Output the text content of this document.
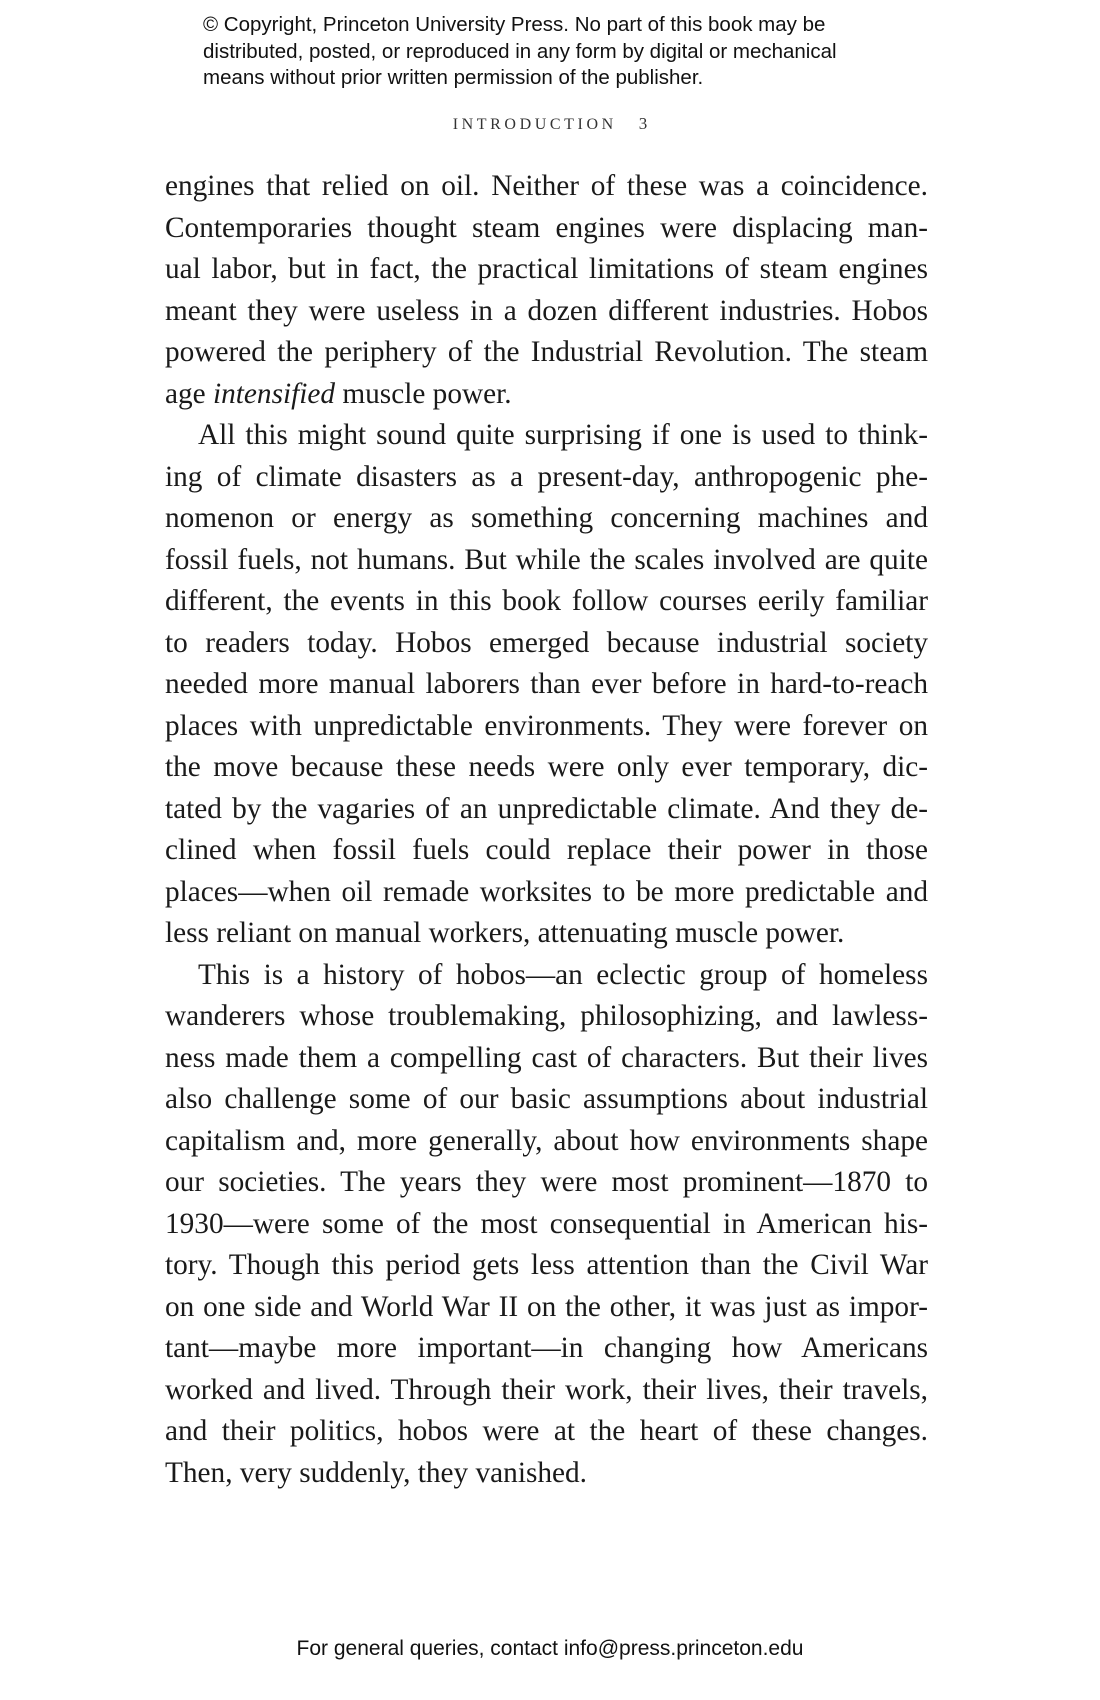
© Copyright, Princeton University Press. No part of this book may be
distributed, posted, or reproduced in any form by digital or mechanical
means without prior written permission of the publisher.
INTRODUCTION 3

engines that relied on oil. Neither of these was a coincidence.
Contemporaries thought steam engines were displacing man-
ual labor, but in fact, the practical limitations of steam engines
meant they were useless in a dozen different industries. Hobos
powered the periphery of the Industrial Revolution. The steam
age intensified muscle power.

All this might sound quite surprising if one is used to think-
ing of climate disasters as a present-day, anthropogenic phe-
nomenon or energy as something concerning machines and
fossil fuels, not humans. But while the scales involved are quite
different, the events in this book follow courses eerily familiar
to readers today. Hobos emerged because industrial society
needed more manual laborers than ever before in hard-to-reach
places with unpredictable environments. They were forever on
the move because these needs were only ever temporary, dic-
tated by the vagaries of an unpredictable climate. And they de-
clined when fossil fuels could replace their power in those
places—when oil remade worksites to be more predictable and
less reliant on manual workers, attenuating muscle power.

This is a history of hobos—an eclectic group of homeless
wanderers whose troublemaking, philosophizing, and lawless-
ness made them a compelling cast of characters. But their lives
also challenge some of our basic assumptions about industrial
capitalism and, more generally, about how environments shape
our societies. The years they were most prominent—1870 to
1930—were some of the most consequential in American his-
tory. Though this period gets less attention than the Civil War
on one side and World War II on the other, it was just as impor-
tant—maybe more important—in changing how Americans
worked and lived. Through their work, their lives, their travels,
and their politics, hobos were at the heart of these changes.
Then, very suddenly, they vanished.

For general queries, contact info@press.princeton.edu
